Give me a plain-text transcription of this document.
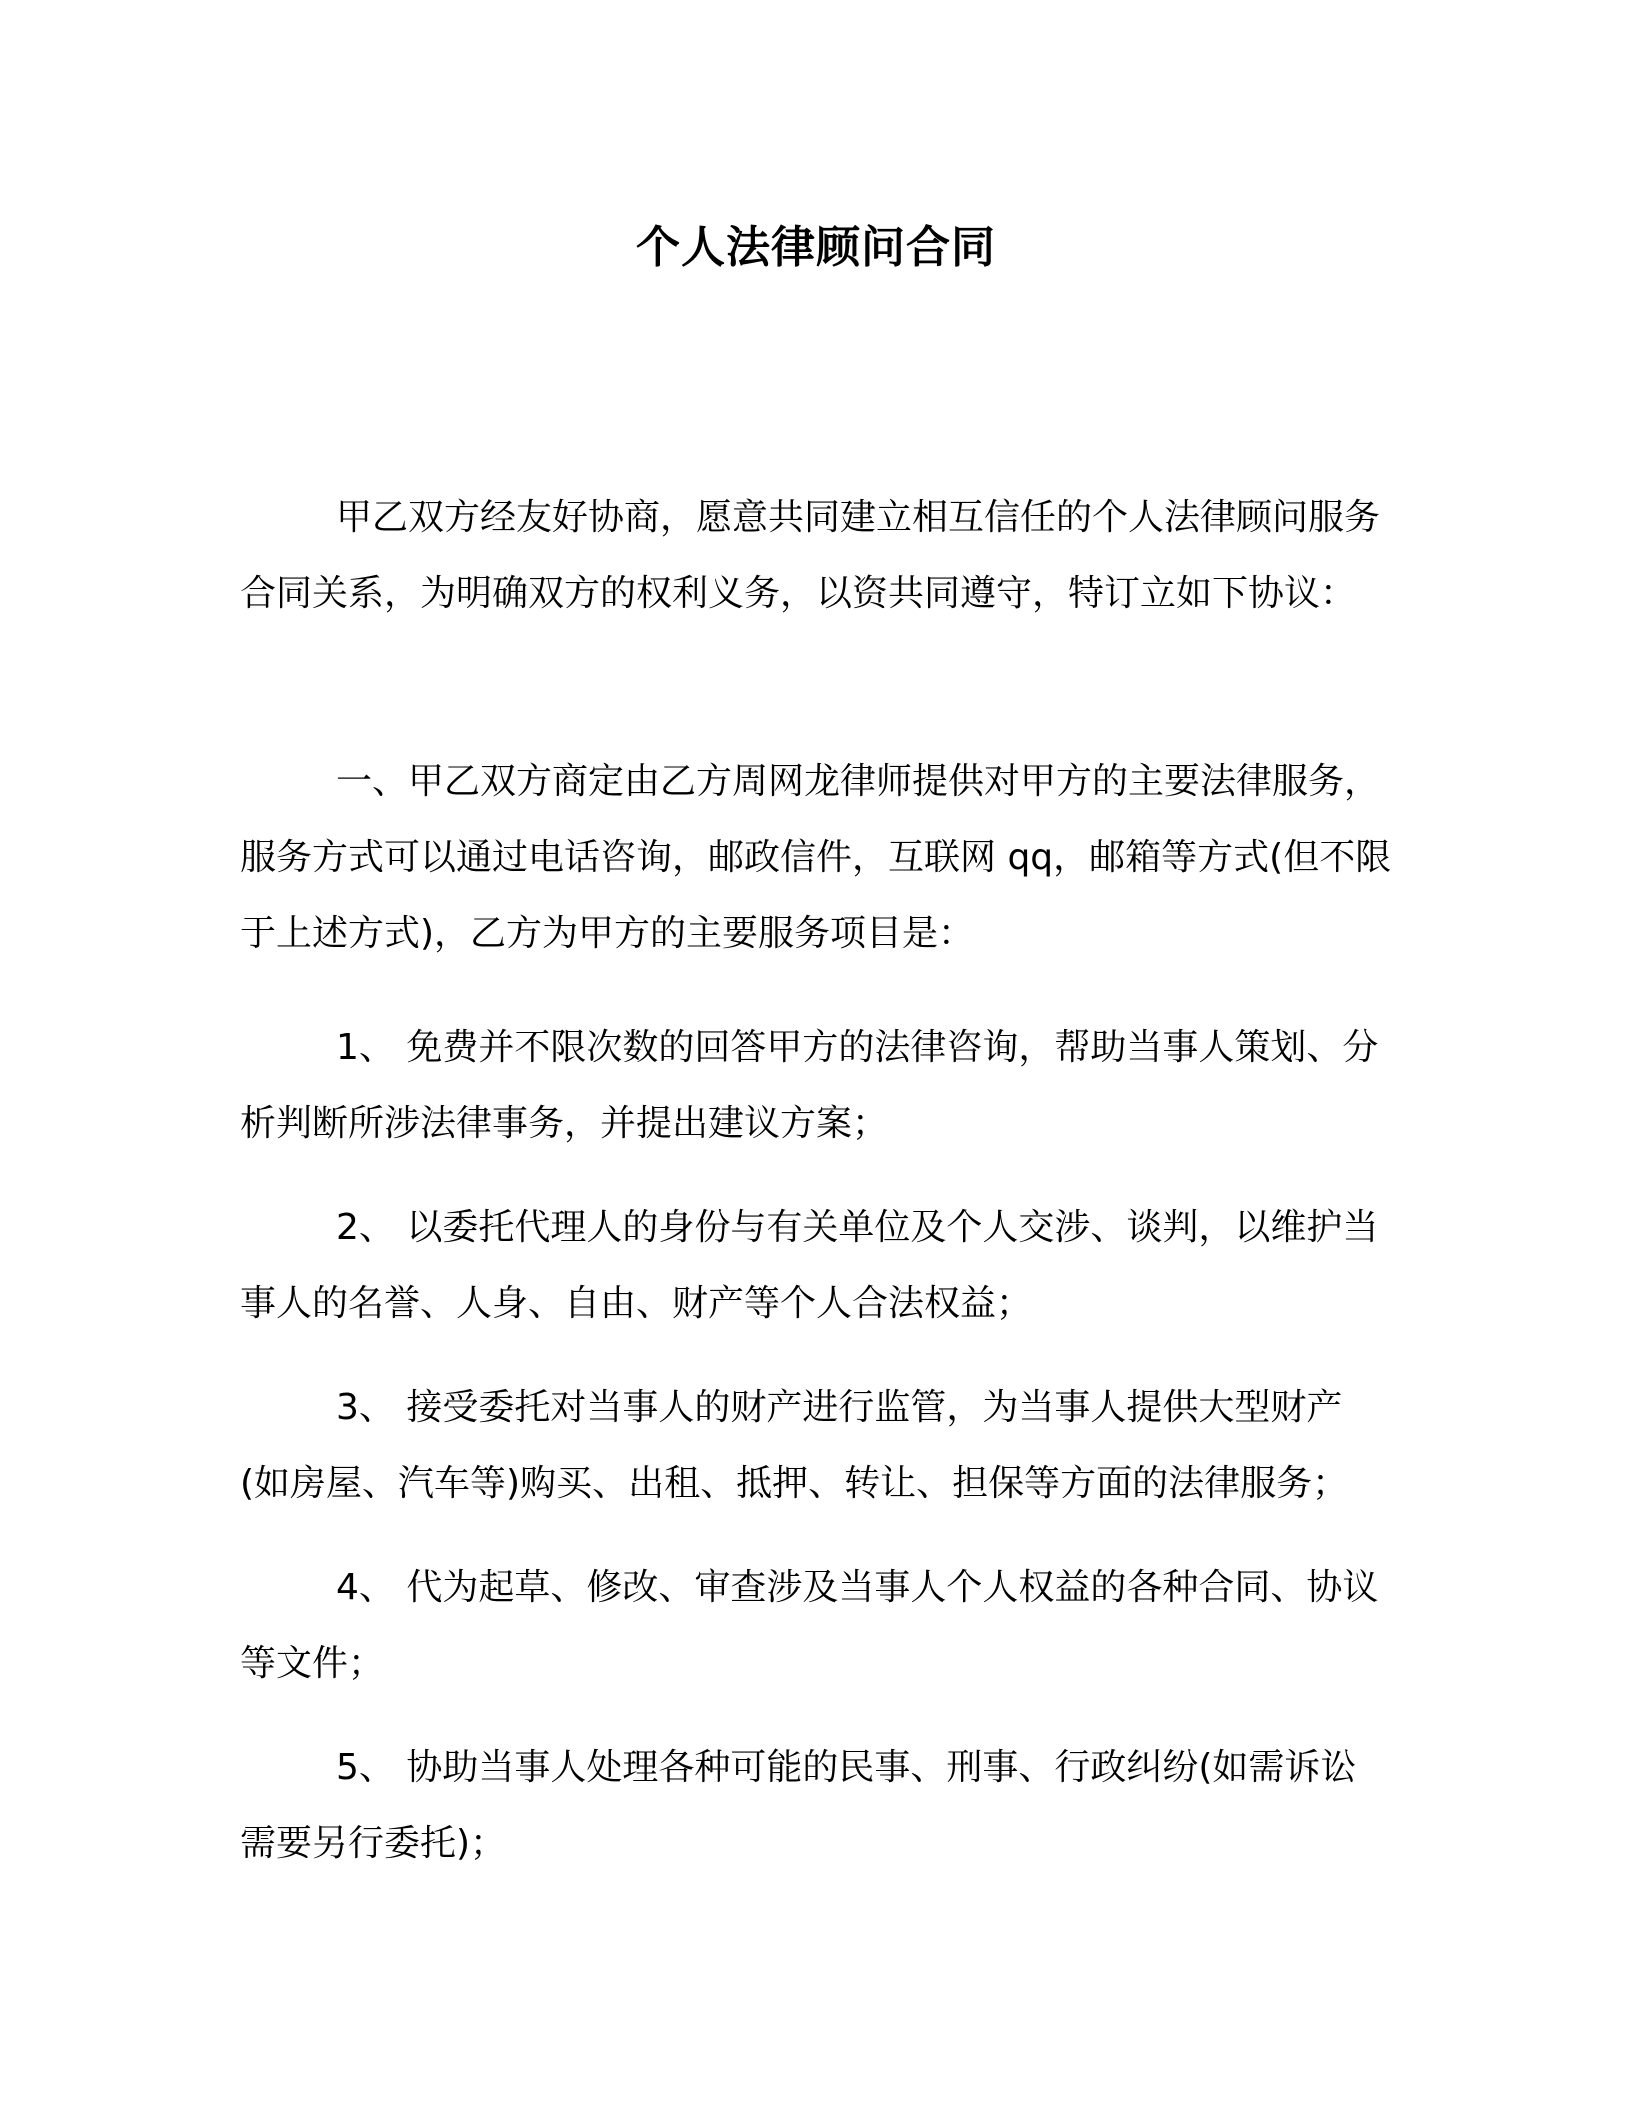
个人法律顾问合同

甲乙双方经友好协商，愿意共同建立相互信任的个人法律顾问服务合同关系，为明确双方的权利义务，以资共同遵守，特订立如下协议：

一、甲乙双方商定由乙方周网龙律师提供对甲方的主要法律服务，服务方式可以通过电话咨询，邮政信件，互联网 qq，邮箱等方式(但不限于上述方式)，乙方为甲方的主要服务项目是：

1、 免费并不限次数的回答甲方的法律咨询，帮助当事人策划、分析判断所涉法律事务，并提出建议方案；

2、 以委托代理人的身份与有关单位及个人交涉、谈判，以维护当事人的名誉、人身、自由、财产等个人合法权益；

3、 接受委托对当事人的财产进行监管，为当事人提供大型财产(如房屋、汽车等)购买、出租、抵押、转让、担保等方面的法律服务；

4、 代为起草、修改、审查涉及当事人个人权益的各种合同、协议等文件；

5、 协助当事人处理各种可能的民事、刑事、行政纠纷(如需诉讼需要另行委托)；
